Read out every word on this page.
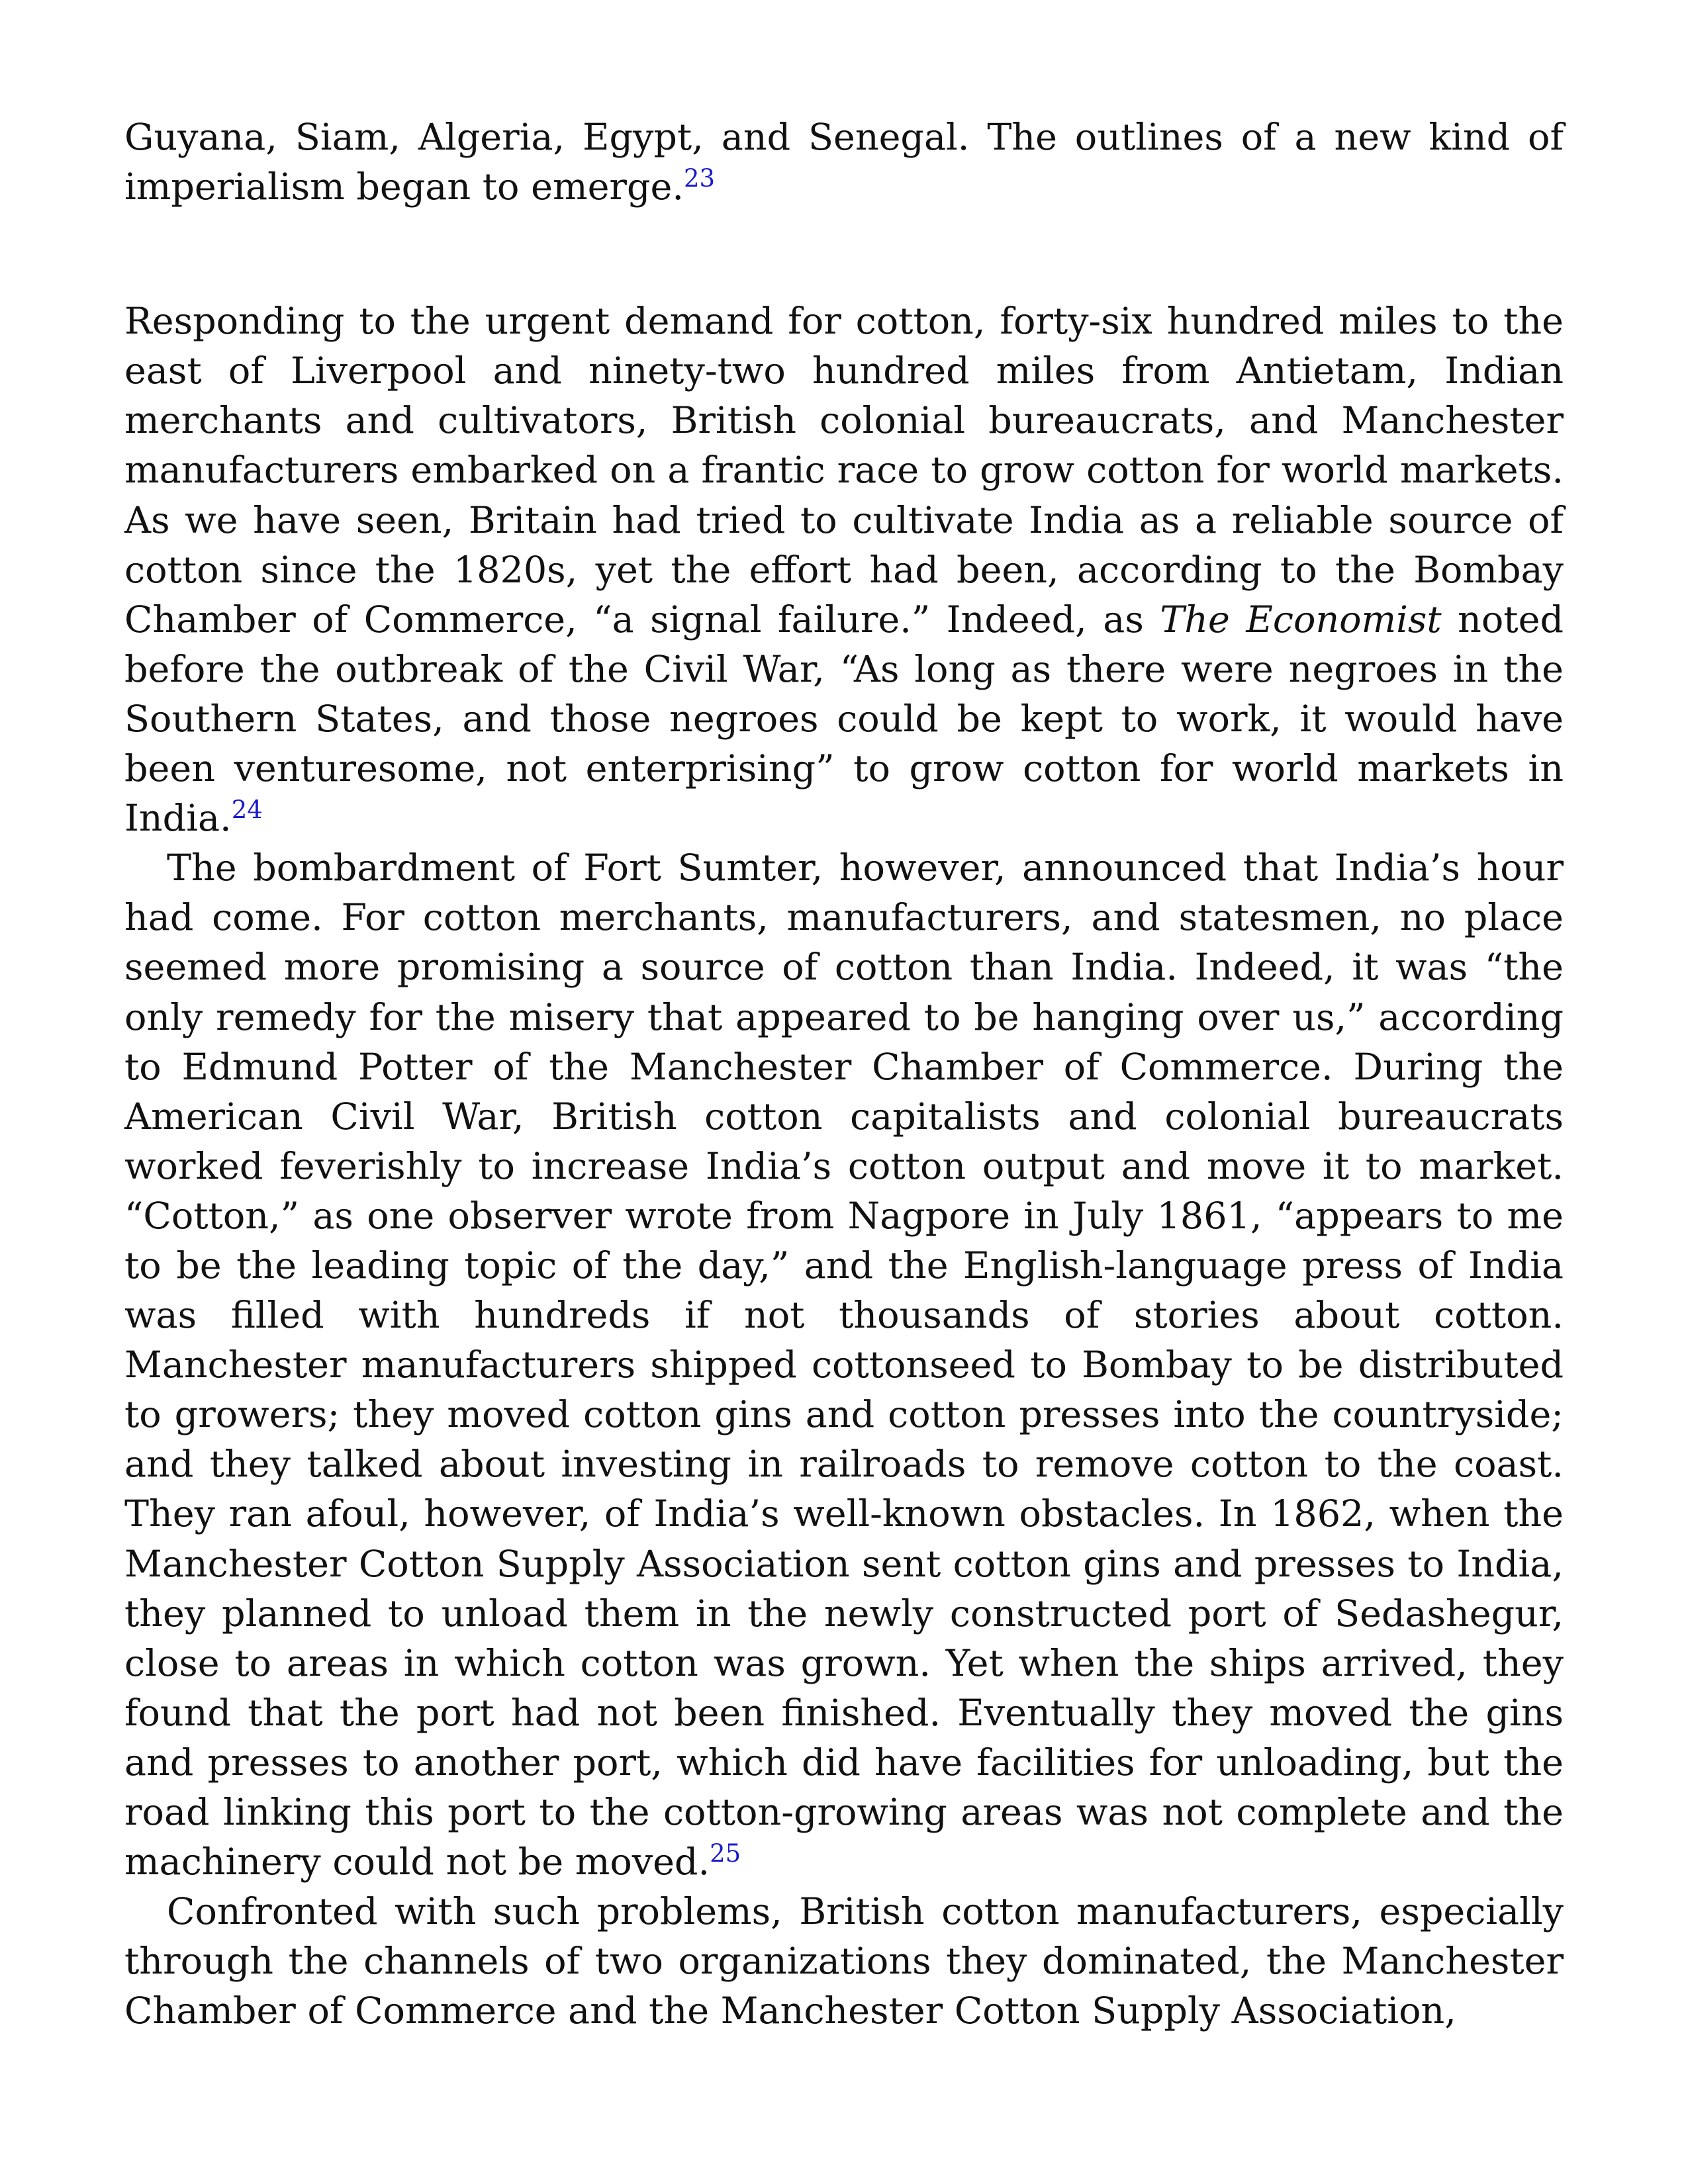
Guyana, Siam, Algeria, Egypt, and Senegal. The outlines of a new kind of imperialism began to emerge.$^{23}$

Responding to the urgent demand for cotton, forty-six hundred miles to the east of Liverpool and ninety-two hundred miles from Antietam, Indian merchants and cultivators, British colonial bureaucrats, and Manchester manufacturers embarked on a frantic race to grow cotton for world markets. As we have seen, Britain had tried to cultivate India as a reliable source of cotton since the 1820s, yet the effort had been, according to the Bombay Chamber of Commerce, “a signal failure.” Indeed, as The Economist noted before the outbreak of the Civil War, “As long as there were negroes in the Southern States, and those negroes could be kept to work, it would have been venturesome, not enterprising” to grow cotton for world markets in India.$^{24}$

The bombardment of Fort Sumter, however, announced that India’s hour had come. For cotton merchants, manufacturers, and statesmen, no place seemed more promising a source of cotton than India. Indeed, it was “the only remedy for the misery that appeared to be hanging over us,” according to Edmund Potter of the Manchester Chamber of Commerce. During the American Civil War, British cotton capitalists and colonial bureaucrats worked feverishly to increase India’s cotton output and move it to market. “Cotton,” as one observer wrote from Nagpore in July 1861, “appears to me to be the leading topic of the day,” and the English-language press of India was filled with hundreds if not thousands of stories about cotton. Manchester manufacturers shipped cottonseed to Bombay to be distributed to growers; they moved cotton gins and cotton presses into the countryside; and they talked about investing in railroads to remove cotton to the coast. They ran afoul, however, of India’s well-known obstacles. In 1862, when the Manchester Cotton Supply Association sent cotton gins and presses to India, they planned to unload them in the newly constructed port of Sedashegur, close to areas in which cotton was grown. Yet when the ships arrived, they found that the port had not been finished. Eventually they moved the gins and presses to another port, which did have facilities for unloading, but the road linking this port to the cotton-growing areas was not complete and the machinery could not be moved.$^{25}$

Confronted with such problems, British cotton manufacturers, especially through the channels of two organizations they dominated, the Manchester Chamber of Commerce and the Manchester Cotton Supply Association,
